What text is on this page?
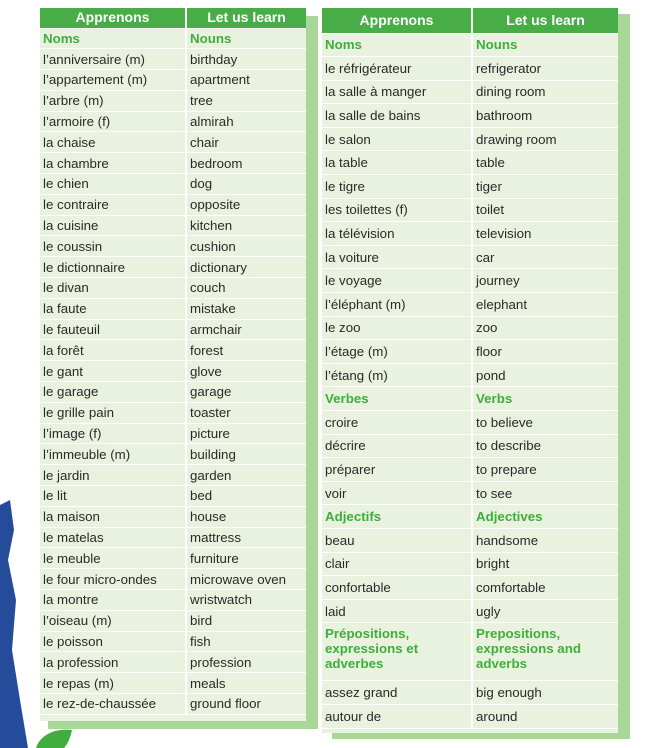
Apprenons	Let us learn
Noms	Nouns
l’anniversaire (m)	birthday
l’appartement (m)	apartment
l’arbre (m)	tree
l’armoire (f)	almirah
la chaise	chair
la chambre	bedroom
le chien	dog
le contraire	opposite
la cuisine	kitchen
le coussin	cushion
le dictionnaire	dictionary
le divan	couch
la faute	mistake
le fauteuil	armchair
la forêt	forest
le gant	glove
le garage	garage
le grille pain	toaster
l’image (f)	picture
l’immeuble (m)	building
le jardin	garden
le lit	bed
la maison	house
le matelas	mattress
le meuble	furniture
le four micro-ondes	microwave oven
la montre	wristwatch
l’oiseau (m)	bird
le poisson	fish
la profession	profession
le repas (m)	meals
le rez-de-chaussée	ground floor
Apprenons	Let us learn
Noms	Nouns
le réfrigérateur	refrigerator
la salle à manger	dining room
la salle de bains	bathroom
le salon	drawing room
la table	table
le tigre	tiger
les toilettes (f)	toilet
la télévision	television
la voiture	car
le voyage	journey
l’éléphant (m)	elephant
le zoo	zoo
l’étage (m)	floor
l’étang (m)	pond
Verbes	Verbs
croire	to believe
décrire	to describe
préparer	to prepare
voir	to see
Adjectifs	Adjectives
beau	handsome
clair	bright
confortable	comfortable
laid	ugly
Prépositions, expressions et adverbes	Prepositions, expressions and adverbs
assez grand	big enough
autour de	around
